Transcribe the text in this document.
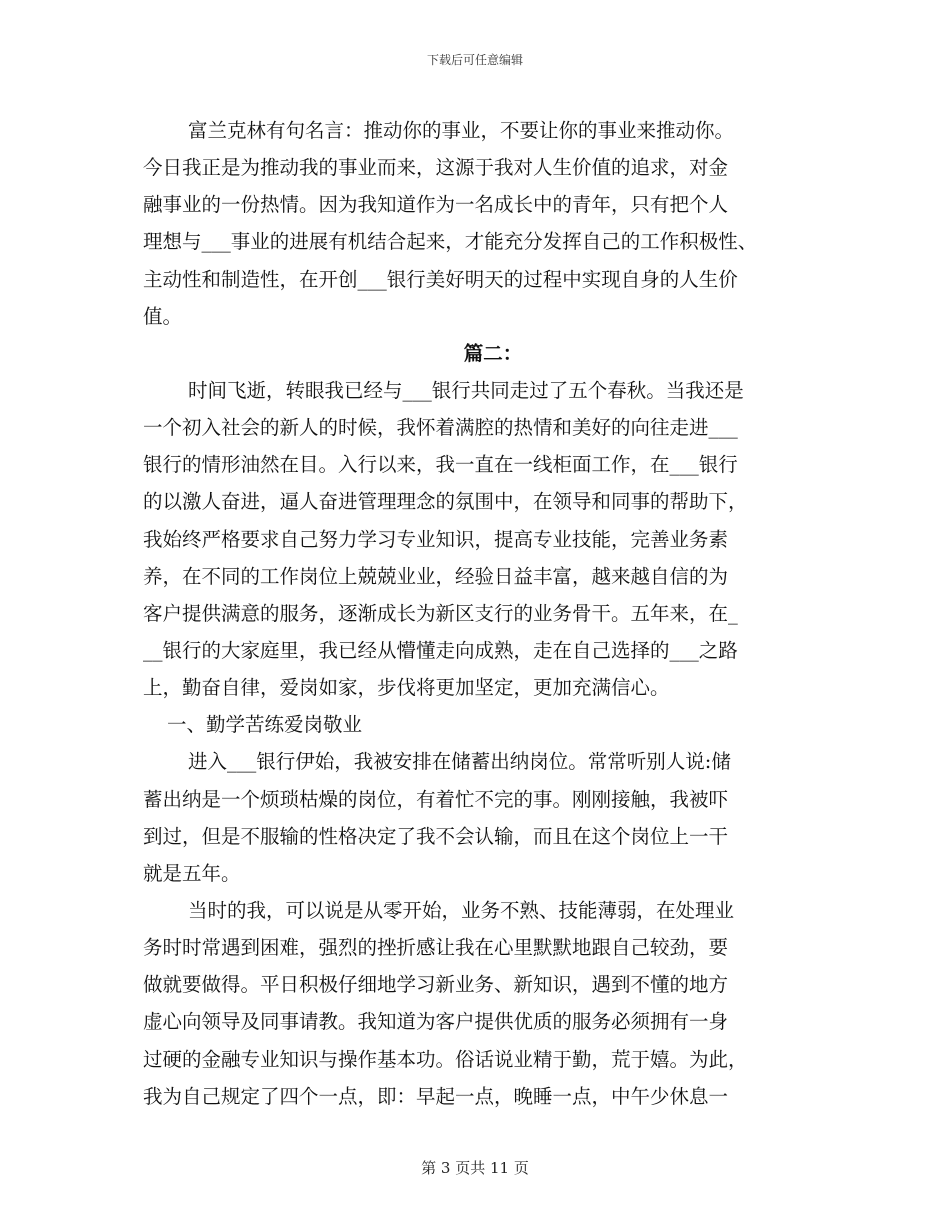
下载后可任意编辑
富兰克林有句名言：推动你的事业，不要让你的事业来推动你。
今日我正是为推动我的事业而来，这源于我对人生价值的追求，对金
融事业的一份热情。因为我知道作为一名成长中的青年，只有把个人
理想与___事业的进展有机结合起来，才能充分发挥自己的工作积极性、
主动性和制造性，在开创___银行美好明天的过程中实现自身的人生价
值。
篇二：
时间飞逝，转眼我已经与___银行共同走过了五个春秋。当我还是
一个初入社会的新人的时候，我怀着满腔的热情和美好的向往走进___
银行的情形油然在目。入行以来，我一直在一线柜面工作，在___银行
的以激人奋进，逼人奋进管理理念的氛围中，在领导和同事的帮助下，
我始终严格要求自己努力学习专业知识，提高专业技能，完善业务素
养，在不同的工作岗位上兢兢业业，经验日益丰富，越来越自信的为
客户提供满意的服务，逐渐成长为新区支行的业务骨干。五年来，在_
__银行的大家庭里，我已经从懵懂走向成熟，走在自己选择的___之路
上，勤奋自律，爱岗如家，步伐将更加坚定，更加充满信心。
一、勤学苦练爱岗敬业
进入___银行伊始，我被安排在储蓄出纳岗位。常常听别人说:储
蓄出纳是一个烦琐枯燥的岗位，有着忙不完的事。刚刚接触，我被吓
到过，但是不服输的性格决定了我不会认输，而且在这个岗位上一干
就是五年。
当时的我，可以说是从零开始，业务不熟、技能薄弱，在处理业
务时时常遇到困难，强烈的挫折感让我在心里默默地跟自己较劲，要
做就要做得。平日积极仔细地学习新业务、新知识，遇到不懂的地方
虚心向领导及同事请教。我知道为客户提供优质的服务必须拥有一身
过硬的金融专业知识与操作基本功。俗话说业精于勤，荒于嬉。为此，
我为自己规定了四个一点，即：早起一点，晚睡一点，中午少休息一
第 3 页共 11 页
